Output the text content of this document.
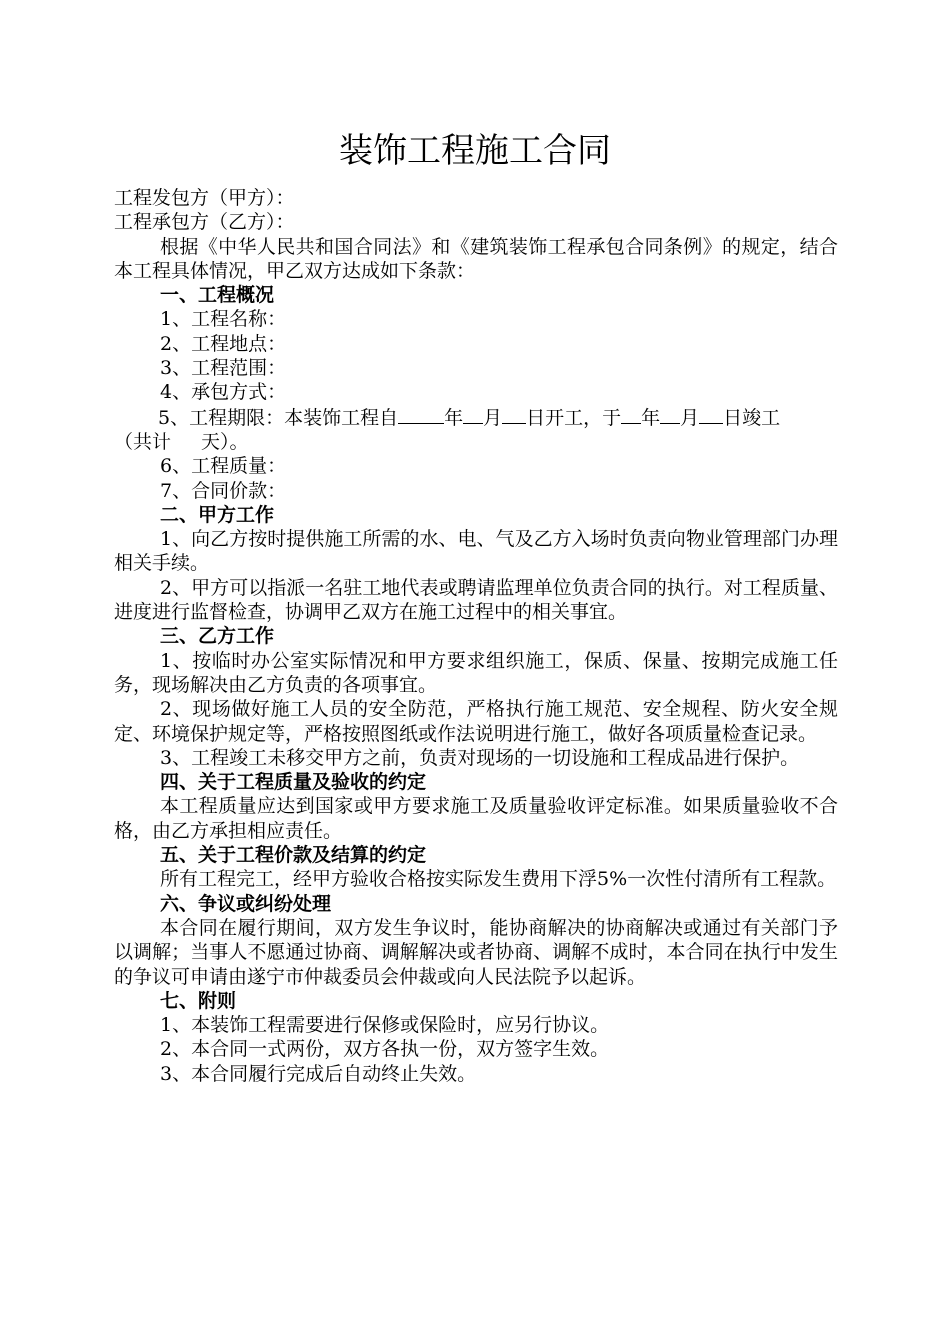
装饰工程施工合同

工程发包方（甲方）：

工程承包方（乙方）：

根据《中华人民共和国合同法》和《建筑装饰工程承包合同条例》的规定，结合本工程具体情况，甲乙双方达成如下条款：

一、工程概况

1、工程名称：

2、工程地点：

3、工程范围：

4、承包方式：

5、工程期限：本装饰工程自 年 月 日开工，于 年 月 日竣工

（共计 天）。

6、工程质量：

7、合同价款：

二、甲方工作

1、向乙方按时提供施工所需的水、电、气及乙方入场时负责向物业管理部门办理相关手续。

2、甲方可以指派一名驻工地代表或聘请监理单位负责合同的执行。对工程质量、进度进行监督检查，协调甲乙双方在施工过程中的相关事宜。

三、乙方工作

1、按临时办公室实际情况和甲方要求组织施工，保质、保量、按期完成施工任务，现场解决由乙方负责的各项事宜。

2、现场做好施工人员的安全防范，严格执行施工规范、安全规程、防火安全规定、环境保护规定等，严格按照图纸或作法说明进行施工，做好各项质量检查记录。

3、工程竣工未移交甲方之前，负责对现场的一切设施和工程成品进行保护。

四、关于工程质量及验收的约定

本工程质量应达到国家或甲方要求施工及质量验收评定标准。如果质量验收不合格，由乙方承担相应责任。

五、关于工程价款及结算的约定

所有工程完工，经甲方验收合格按实际发生费用下浮5%一次性付清所有工程款。

六、争议或纠纷处理

本合同在履行期间，双方发生争议时，能协商解决的协商解决或通过有关部门予以调解；当事人不愿通过协商、调解解决或者协商、调解不成时，本合同在执行中发生的争议可申请由遂宁市仲裁委员会仲裁或向人民法院予以起诉。

七、附则

1、本装饰工程需要进行保修或保险时，应另行协议。

2、本合同一式两份，双方各执一份，双方签字生效。

3、本合同履行完成后自动终止失效。
